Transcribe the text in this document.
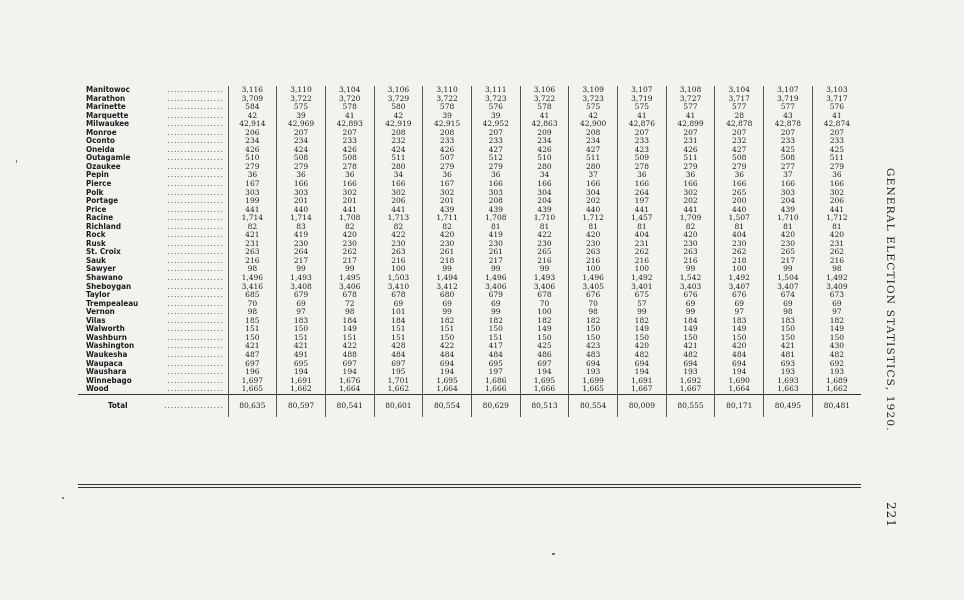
Manitowoc .................	3,116	3,110	3,104	3,106	3,110	3,111	3,106	3,109	3,107	3,108	3,104	3,107	3,103
Marathon .................	3,709	3,722	3,720	3,729	3,722	3,723	3,722	3,723	3,719	3,727	3,717	3,719	3,717
Marinette .................	584	575	578	580	578	576	578	575	575	577	577	577	576
Marquette .................	42	39	41	42	39	39	41	42	41	41	28	43	41
Milwaukee .................	42,914	42,969	42,893	42,919	42,915	42,952	42,863	42,900	42,876	42,899	42,878	42,878	42,874
Monroe .................	206	207	207	208	208	207	209	208	207	207	207	207	207
Oconto .................	234	234	233	232	233	233	234	234	233	231	232	233	233
Oneida .................	426	424	426	424	426	427	426	427	423	426	427	425	425
Outagamie .................	510	508	508	511	507	512	510	511	509	511	508	508	511
Ozaukee .................	279	279	278	280	279	279	280	280	278	279	279	277	279
Pepin .................	36	36	36	34	36	36	34	37	36	36	36	37	36
Pierce .................	167	166	166	166	167	166	166	166	166	166	166	166	166
Polk .................	303	303	302	302	302	303	304	304	264	302	265	303	302
Portage .................	199	201	201	206	201	208	204	202	197	202	200	204	206
Price .................	441	440	441	441	439	439	439	440	441	441	440	439	441
Racine .................	1,714	1,714	1,708	1,713	1,711	1,708	1,710	1,712	1,457	1,709	1,507	1,710	1,712
Richland .................	82	83	82	82	82	81	81	81	81	82	81	81	81
Rock .................	421	419	420	422	420	419	422	420	404	420	404	420	420
Rusk .................	231	230	230	230	230	230	230	230	231	230	230	230	231
St. Croix .................	263	264	262	263	261	261	265	263	262	263	262	265	262
Sauk .................	216	217	217	216	218	217	216	216	216	216	218	217	216
Sawyer .................	98	99	99	100	99	99	99	100	100	99	100	99	98
Shawano .................	1,496	1,493	1,495	1,503	1,494	1,496	1,493	1,496	1,492	1,542	1,492	1,504	1,492
Sheboygan .................	3,416	3,408	3,406	3,410	3,412	3,406	3,406	3,405	3,401	3,403	3,407	3,407	3,409
Taylor .................	685	679	678	678	680	679	678	676	675	676	676	674	673
Trempealeau .................	70	69	72	69	69	69	70	70	57	69	69	69	69
Vernon .................	98	97	98	101	99	99	100	98	99	99	97	98	97
Vilas .................	185	183	184	184	182	182	182	182	182	184	183	183	182
Walworth .................	151	150	149	151	151	150	149	150	149	149	149	150	149
Washburn .................	150	151	151	151	150	151	150	150	150	150	150	150	150
Washington .................	421	421	422	428	422	417	425	423	420	421	420	421	430
Waukesha .................	487	491	488	484	484	484	486	483	482	482	484	481	482
Waupaca .................	697	695	697	697	694	695	697	694	694	694	694	693	692
Waushara .................	196	194	194	195	194	197	194	193	194	193	194	193	193
Winnebago .................	1,697	1,691	1,676	1,701	1,695	1,686	1,695	1,699	1,691	1,692	1,690	1,693	1,689
Wood .................	1,665	1,662	1,664	1,662	1,664	1,666	1,666	1,665	1,667	1,667	1,664	1,663	1,662
Total ..................	80,635	80,597	80,541	80,601	80,554	80,629	80,513	80,554	80,009	80,555	80,171	80,495	80,481	GENERAL ELECTION STATISTICS, 1920.
221
